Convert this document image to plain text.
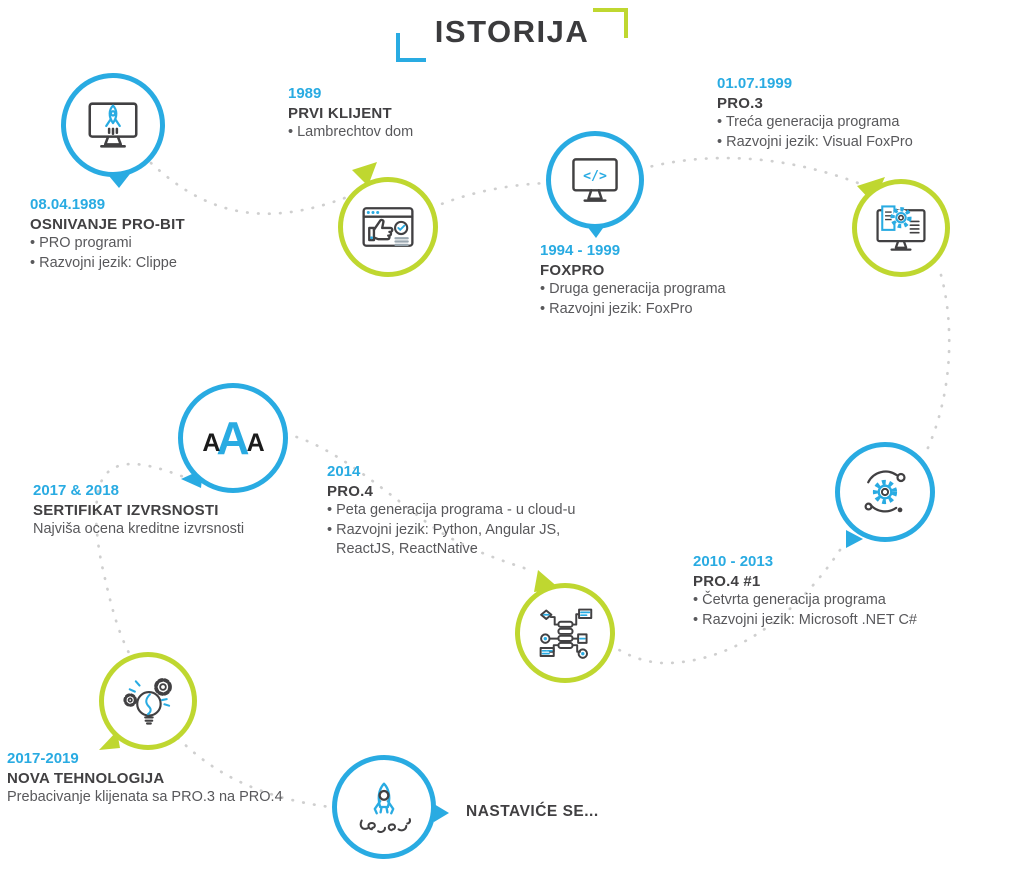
ISTORIJA
</>
A
A
A
08.04.1989
OSNIVANJE PRO-BIT
• PRO programi
• Razvojni jezik: Clippe
1989
PRVI KLIJENT
• Lambrechtov dom
1994 - 1999
FOXPRO
• Druga generacija programa
• Razvojni jezik: FoxPro
01.07.1999
PRO.3
• Treća generacija programa
• Razvojni jezik: Visual FoxPro
2010 - 2013
PRO.4 #1
• Četvrta generacija programa
• Razvojni jezik: Microsoft .NET C#
2014
PRO.4
• Peta generacija programa - u cloud-u
• Razvojni jezik: Python, Angular JS,
ReactJS, ReactNative
2017 & 2018
SERTIFIKAT IZVRSNOSTI
Najviša ocena kreditne izvrsnosti
2017-2019
NOVA TEHNOLOGIJA
Prebacivanje klijenata sa PRO.3 na PRO.4
NASTAVIĆE SE...
